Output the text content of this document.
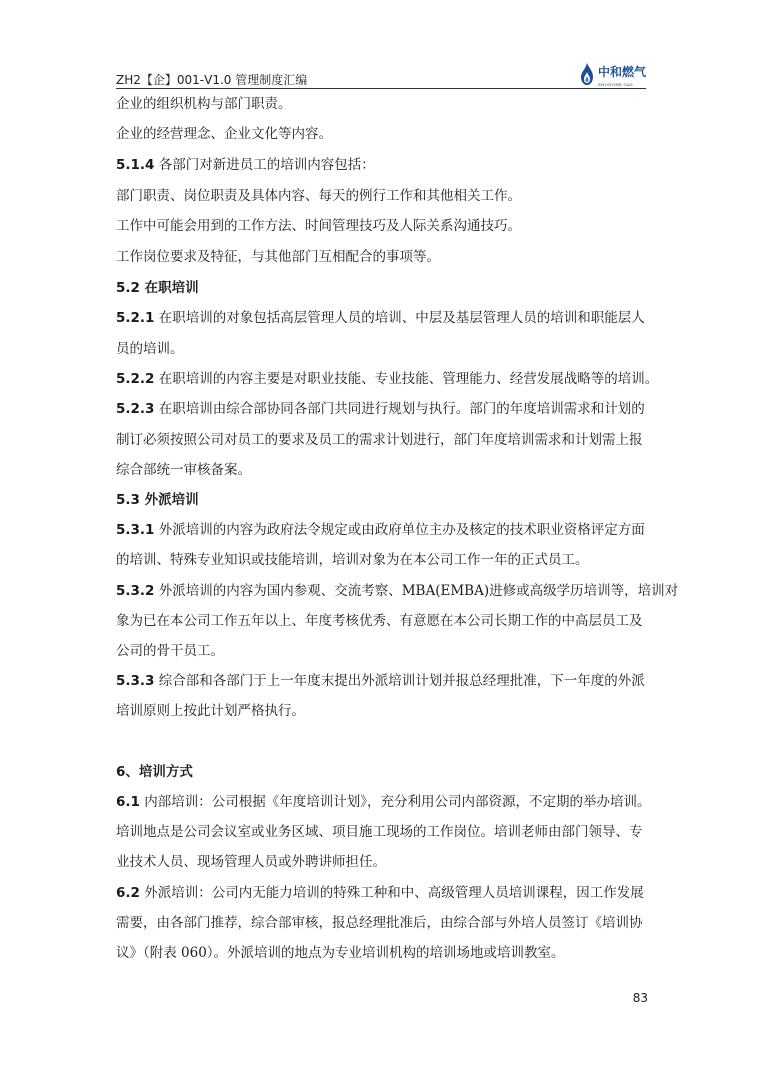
ZH2【企】001-V1.0 管理制度汇编
中和燃气
ZHONGHE GAS
企业的组织机构与部门职责。
企业的经营理念、企业文化等内容。
5.1.4 各部门对新进员工的培训内容包括：
部门职责、岗位职责及具体内容、每天的例行工作和其他相关工作。
工作中可能会用到的工作方法、时间管理技巧及人际关系沟通技巧。
工作岗位要求及特征，与其他部门互相配合的事项等。
5.2 在职培训
5.2.1 在职培训的对象包括高层管理人员的培训、中层及基层管理人员的培训和职能层人
员的培训。
5.2.2 在职培训的内容主要是对职业技能、专业技能、管理能力、经营发展战略等的培训。
5.2.3 在职培训由综合部协同各部门共同进行规划与执行。部门的年度培训需求和计划的
制订必须按照公司对员工的要求及员工的需求计划进行，部门年度培训需求和计划需上报
综合部统一审核备案。
5.3 外派培训
5.3.1 外派培训的内容为政府法令规定或由政府单位主办及核定的技术职业资格评定方面
的培训、特殊专业知识或技能培训，培训对象为在本公司工作一年的正式员工。
5.3.2 外派培训的内容为国内参观、交流考察、MBA(EMBA)进修或高级学历培训等，培训对
象为已在本公司工作五年以上、年度考核优秀、有意愿在本公司长期工作的中高层员工及
公司的骨干员工。
5.3.3 综合部和各部门于上一年度末提出外派培训计划并报总经理批准，下一年度的外派
培训原则上按此计划严格执行。
6、培训方式
6.1 内部培训：公司根据《年度培训计划》，充分利用公司内部资源，不定期的举办培训。
培训地点是公司会议室或业务区域、项目施工现场的工作岗位。培训老师由部门领导、专
业技术人员、现场管理人员或外聘讲师担任。
6.2 外派培训：公司内无能力培训的特殊工种和中、高级管理人员培训课程，因工作发展
需要，由各部门推荐，综合部审核，报总经理批准后，由综合部与外培人员签订《培训协
议》（附表 060）。外派培训的地点为专业培训机构的培训场地或培训教室。
83
